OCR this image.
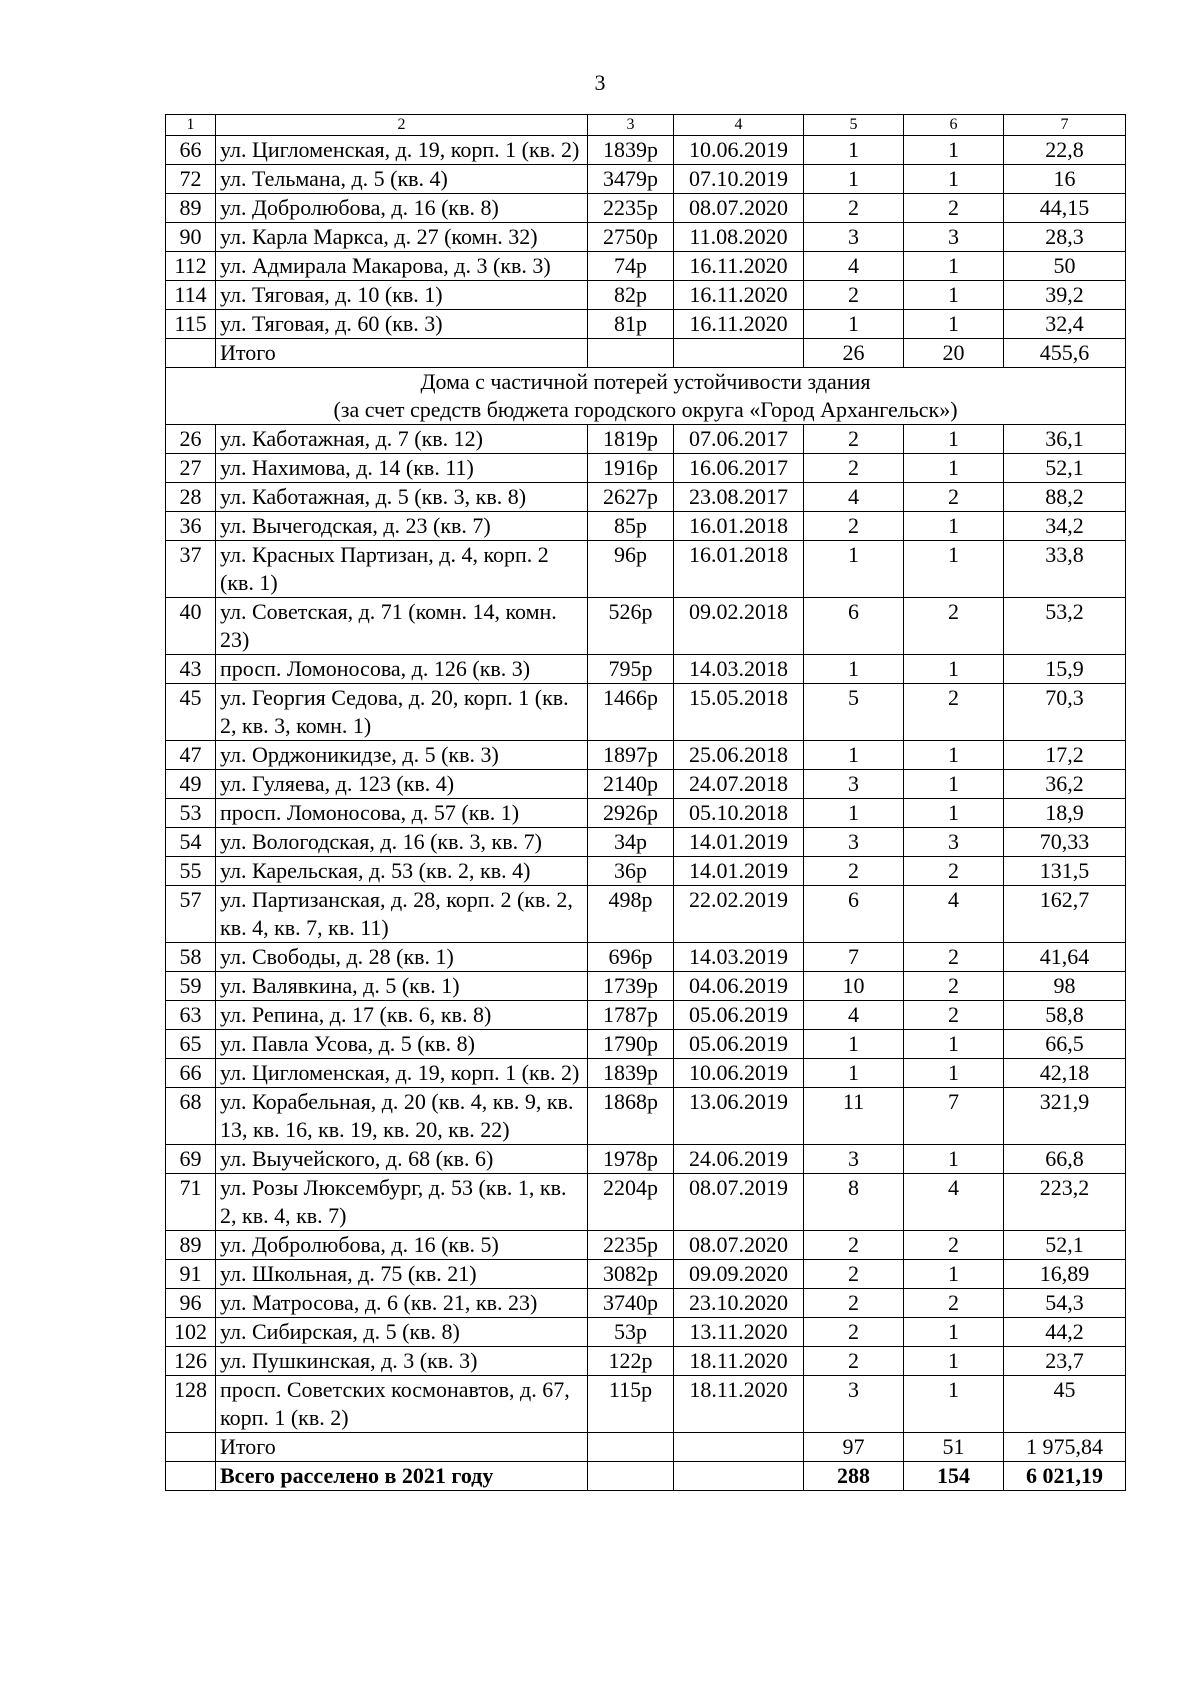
3
1	2	3	4	5	6	7
66	ул. Цигломенская, д. 19, корп. 1 (кв. 2)	1839р	10.06.2019	1	1	22,8
72	ул. Тельмана, д. 5 (кв. 4)	3479р	07.10.2019	1	1	16
89	ул. Добролюбова, д. 16 (кв. 8)	2235р	08.07.2020	2	2	44,15
90	ул. Карла Маркса, д. 27 (комн. 32)	2750р	11.08.2020	3	3	28,3
112	ул. Адмирала Макарова, д. 3 (кв. 3)	74р	16.11.2020	4	1	50
114	ул. Тяговая, д. 10 (кв. 1)	82р	16.11.2020	2	1	39,2
115	ул. Тяговая, д. 60 (кв. 3)	81р	16.11.2020	1	1	32,4
	Итого			26	20	455,6

Дома с частичной потерей устойчивости здания
(за счет средств бюджета городского округа «Город Архангельск»)						

26	ул. Каботажная, д. 7 (кв. 12)	1819р	07.06.2017	2	1	36,1
27	ул. Нахимова, д. 14 (кв. 11)	1916р	16.06.2017	2	1	52,1
28	ул. Каботажная, д. 5 (кв. 3, кв. 8)	2627р	23.08.2017	4	2	88,2
36	ул. Вычегодская, д. 23 (кв. 7)	85р	16.01.2018	2	1	34,2
37	ул. Красных Партизан, д. 4, корп. 2 (кв. 1)	96р	16.01.2018	1	1	33,8
40	ул. Советская, д. 71 (комн. 14, комн. 23)	526р	09.02.2018	6	2	53,2
43	просп. Ломоносова, д. 126 (кв. 3)	795р	14.03.2018	1	1	15,9
45	ул. Георгия Седова, д. 20, корп. 1 (кв. 2, кв. 3, комн. 1)	1466р	15.05.2018	5	2	70,3
47	ул. Орджоникидзе, д. 5 (кв. 3)	1897р	25.06.2018	1	1	17,2
49	ул. Гуляева, д. 123 (кв. 4)	2140р	24.07.2018	3	1	36,2
53	просп. Ломоносова, д. 57 (кв. 1)	2926р	05.10.2018	1	1	18,9
54	ул. Вологодская, д. 16 (кв. 3, кв. 7)	34р	14.01.2019	3	3	70,33
55	ул. Карельская, д. 53 (кв. 2, кв. 4)	36р	14.01.2019	2	2	131,5
57	ул. Партизанская, д. 28, корп. 2 (кв. 2, кв. 4, кв. 7, кв. 11)	498р	22.02.2019	6	4	162,7
58	ул. Свободы, д. 28 (кв. 1)	696р	14.03.2019	7	2	41,64
59	ул. Валявкина, д. 5 (кв. 1)	1739р	04.06.2019	10	2	98
63	ул. Репина, д. 17 (кв. 6, кв. 8)	1787р	05.06.2019	4	2	58,8
65	ул. Павла Усова, д. 5 (кв. 8)	1790р	05.06.2019	1	1	66,5
66	ул. Цигломенская, д. 19, корп. 1 (кв. 2)	1839р	10.06.2019	1	1	42,18
68	ул. Корабельная, д. 20 (кв. 4, кв. 9, кв. 13, кв. 16, кв. 19, кв. 20, кв. 22)	1868р	13.06.2019	11	7	321,9
69	ул. Выучейского, д. 68 (кв. 6)	1978р	24.06.2019	3	1	66,8
71	ул. Розы Люксембург, д. 53 (кв. 1, кв. 2, кв. 4, кв. 7)	2204р	08.07.2019	8	4	223,2
89	ул. Добролюбова, д. 16 (кв. 5)	2235р	08.07.2020	2	2	52,1
91	ул. Школьная, д. 75 (кв. 21)	3082р	09.09.2020	2	1	16,89
96	ул. Матросова, д. 6 (кв. 21, кв. 23)	3740р	23.10.2020	2	2	54,3
102	ул. Сибирская, д. 5 (кв. 8)	53р	13.11.2020	2	1	44,2
126	ул. Пушкинская, д. 3 (кв. 3)	122р	18.11.2020	2	1	23,7
128	просп. Советских космонавтов, д. 67, корп. 1 (кв. 2)	115р	18.11.2020	3	1	45
	Итого			97	51	1 975,84
	Всего расселено в 2021 году			288	154	6 021,19
